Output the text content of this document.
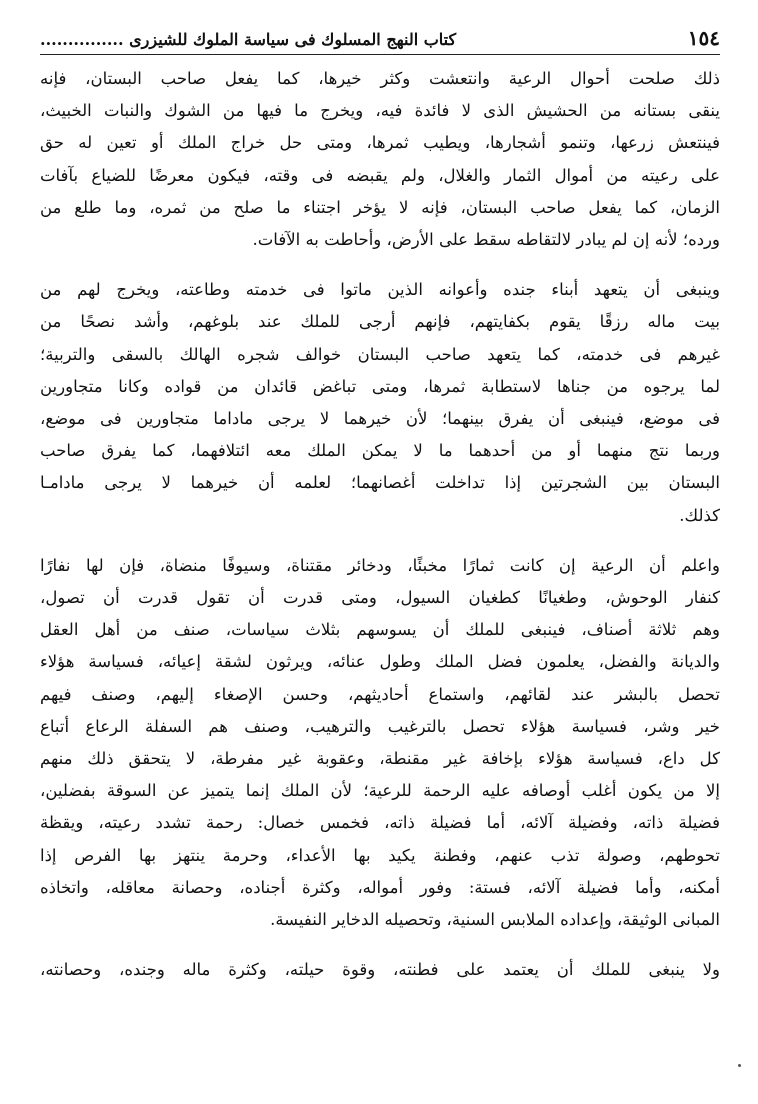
١٥٤
كتاب النهج المسلوك فى سياسة الملوك للشيزرى ...............
ذلك صلحت أحوال الرعية وانتعشت وكثر خيرها، كما يفعل صاحب البستان، فإنه
ينقى بستانه من الحشيش الذى لا فائدة فيه، ويخرج ما فيها من الشوك والنبات الخبيث،
فينتعش زرعها، وتنمو أشجارها، ويطيب ثمرها، ومتى حل خراج الملك أو تعين له حق
على رعيته من أموال الثمار والغلال، ولم يقبضه فى وقته، فيكون معرضًا للضياع بآفات
الزمان، كما يفعل صاحب البستان، فإنه لا يؤخر اجتناء ما صلح من ثمره، وما طلع من
ورده؛ لأنه إن لم يبادر لالتقاطه سقط على الأرض، وأحاطت به الآفات.
وينبغى أن يتعهد أبناء جنده وأعوانه الذين ماتوا فى خدمته وطاعته، ويخرج لهم من
بيت ماله رزقًا يقوم بكفايتهم، فإنهم أرجى للملك عند بلوغهم، وأشد نصحًا من
غيرهم فى خدمته، كما يتعهد صاحب البستان خوالف شجره الهالك بالسقى والتربية؛
لما يرجوه من جناها لاستطابة ثمرها، ومتى تباغض قائدان من قواده وكانا متجاورين
فى موضع، فينبغى أن يفرق بينهما؛ لأن خيرهما لا يرجى ماداما متجاورين فى موضع،
وربما نتج منهما أو من أحدهما ما لا يمكن الملك معه ائتلافهما، كما يفرق صاحب
البستان بين الشجرتين إذا تداخلت أغصانهما؛ لعلمه أن خيرهما لا يرجى مادامـا
كذلك.
واعلم أن الرعية إن كانت ثمارًا مخبئًا، ودخائر مقتناة، وسيوفًا منضاة، فإن لها نفارًا
كنفار الوحوش، وطغيانًا كطغيان السيول، ومتى قدرت أن تقول قدرت أن تصول،
وهم ثلاثة أصناف، فينبغى للملك أن يسوسهم بثلاث سياسات، صنف من أهل العقل
والديانة والفضل، يعلمون فضل الملك وطول عنائه، ويرثون لشقة إعيائه، فسياسة هؤلاء
تحصل بالبشر عند لقائهم، واستماع أحاديثهم، وحسن الإصغاء إليهم، وصنف فيهم
خير وشر، فسياسة هؤلاء تحصل بالترغيب والترهيب، وصنف هم السفلة الرعاع أتباع
كل داع، فسياسة هؤلاء بإخافة غير مقنطة، وعقوبة غير مفرطة، لا يتحقق ذلك منهم
إلا من يكون أغلب أوصافه عليه الرحمة للرعية؛ لأن الملك إنما يتميز عن السوقة بفضلين،
فضيلة ذاته، وفضيلة آلائه، أما فضيلة ذاته، فخمس خصال: رحمة تشدد رعيته، ويقظة
تحوطهم، وصولة تذب عنهم، وفطنة يكيد بها الأعداء، وحرمة ينتهز بها الفرص إذا
أمكنه، وأما فضيلة آلائه، فستة: وفور أمواله، وكثرة أجناده، وحصانة معاقله، واتخاذه
المبانى الوثيقة، وإعداده الملابس السنية، وتحصيله الدخاير النفيسة.
ولا ينبغى للملك أن يعتمد على فطنته، وقوة حيلته، وكثرة ماله وجنده، وحصانته،
